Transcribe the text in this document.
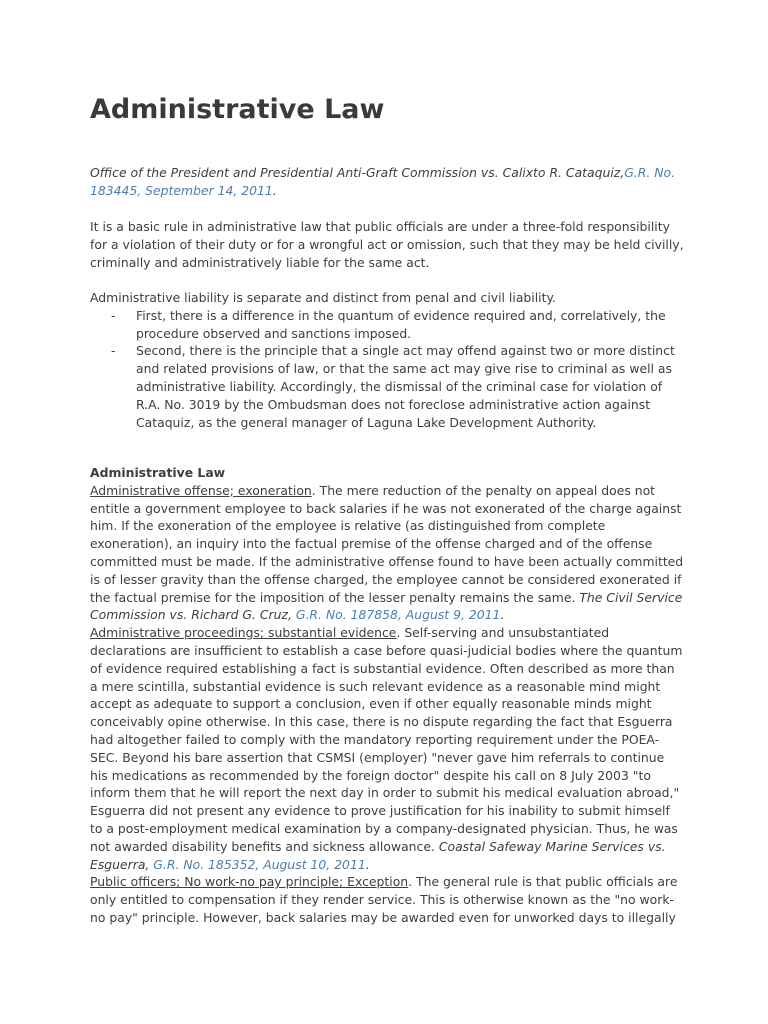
Administrative Law
Office of the President and Presidential Anti-Graft Commission vs. Calixto R. Cataquiz,G.R. No. 183445, September 14, 2011.
It is a basic rule in administrative law that public officials are under a three-fold responsibility for a violation of their duty or for a wrongful act or omission, such that they may be held civilly, criminally and administratively liable for the same act.
Administrative liability is separate and distinct from penal and civil liability.
- First, there is a difference in the quantum of evidence required and, correlatively, the procedure observed and sanctions imposed.
- Second, there is the principle that a single act may offend against two or more distinct and related provisions of law, or that the same act may give rise to criminal as well as administrative liability. Accordingly, the dismissal of the criminal case for violation of R.A. No. 3019 by the Ombudsman does not foreclose administrative action against Cataquiz, as the general manager of Laguna Lake Development Authority.
Administrative Law
Administrative offense; exoneration. The mere reduction of the penalty on appeal does not entitle a government employee to back salaries if he was not exonerated of the charge against him. If the exoneration of the employee is relative (as distinguished from complete exoneration), an inquiry into the factual premise of the offense charged and of the offense committed must be made. If the administrative offense found to have been actually committed is of lesser gravity than the offense charged, the employee cannot be considered exonerated if the factual premise for the imposition of the lesser penalty remains the same. The Civil Service Commission vs. Richard G. Cruz, G.R. No. 187858, August 9, 2011.
Administrative proceedings; substantial evidence. Self-serving and unsubstantiated declarations are insufficient to establish a case before quasi-judicial bodies where the quantum of evidence required establishing a fact is substantial evidence. Often described as more than a mere scintilla, substantial evidence is such relevant evidence as a reasonable mind might accept as adequate to support a conclusion, even if other equally reasonable minds might conceivably opine otherwise. In this case, there is no dispute regarding the fact that Esguerra had altogether failed to comply with the mandatory reporting requirement under the POEA-SEC. Beyond his bare assertion that CSMSI (employer) "never gave him referrals to continue his medications as recommended by the foreign doctor" despite his call on 8 July 2003 "to inform them that he will report the next day in order to submit his medical evaluation abroad," Esguerra did not present any evidence to prove justification for his inability to submit himself to a post-employment medical examination by a company-designated physician. Thus, he was not awarded disability benefits and sickness allowance. Coastal Safeway Marine Services vs. Esguerra, G.R. No. 185352, August 10, 2011.
Public officers; No work-no pay principle; Exception. The general rule is that public officials are only entitled to compensation if they render service. This is otherwise known as the "no work-no pay" principle. However, back salaries may be awarded even for unworked days to illegally
